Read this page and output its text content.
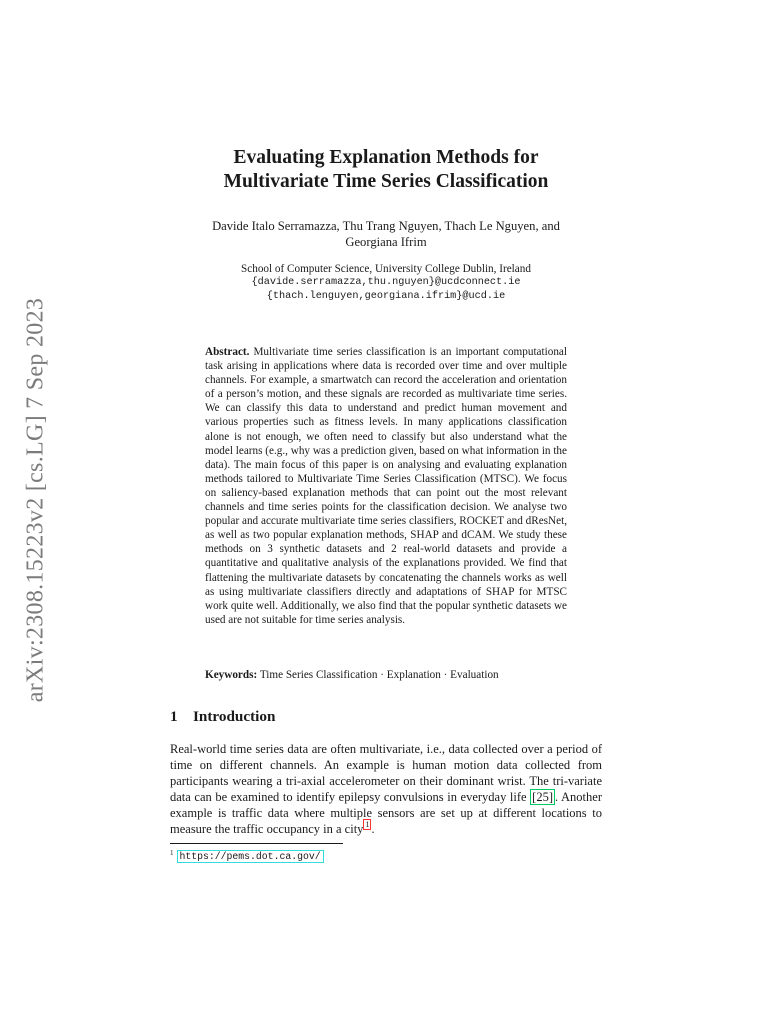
arXiv:2308.15223v2 [cs.LG] 7 Sep 2023
Evaluating Explanation Methods for
Multivariate Time Series Classification
Davide Italo Serramazza, Thu Trang Nguyen, Thach Le Nguyen, and
Georgiana Ifrim
School of Computer Science, University College Dublin, Ireland
{davide.serramazza,thu.nguyen}@ucdconnect.ie
{thach.lenguyen,georgiana.ifrim}@ucd.ie
Abstract. Multivariate time series classification is an important computational task arising in applications where data is recorded over time and over multiple channels. For example, a smartwatch can record the acceleration and orientation of a person’s motion, and these signals are recorded as multivariate time series. We can classify this data to understand and predict human movement and various properties such as fitness levels. In many applications classification alone is not enough, we often need to classify but also understand what the model learns (e.g., why was a prediction given, based on what information in the data). The main focus of this paper is on analysing and evaluating explanation methods tailored to Multivariate Time Series Classification (MTSC). We focus on saliency-based explanation methods that can point out the most relevant channels and time series points for the classification decision. We analyse two popular and accurate multivariate time series classifiers, ROCKET and dResNet, as well as two popular explanation methods, SHAP and dCAM. We study these methods on 3 synthetic datasets and 2 real-world datasets and provide a quantitative and qualitative analysis of the explanations provided. We find that flattening the multivariate datasets by concatenating the channels works as well as using multivariate classifiers directly and adaptations of SHAP for MTSC work quite well. Additionally, we also find that the popular synthetic datasets we used are not suitable for time series analysis.
Keywords: Time Series Classification · Explanation · Evaluation
1 Introduction
Real-world time series data are often multivariate, i.e., data collected over a period of time on different channels. An example is human motion data collected from participants wearing a tri-axial accelerometer on their dominant wrist. The tri-variate data can be examined to identify epilepsy convulsions in everyday life [25] . Another example is traffic data where multiple sensors are set up at different locations to measure the traffic occupancy in a city $^1$ .
$^1$ https://pems.dot.ca.gov/
